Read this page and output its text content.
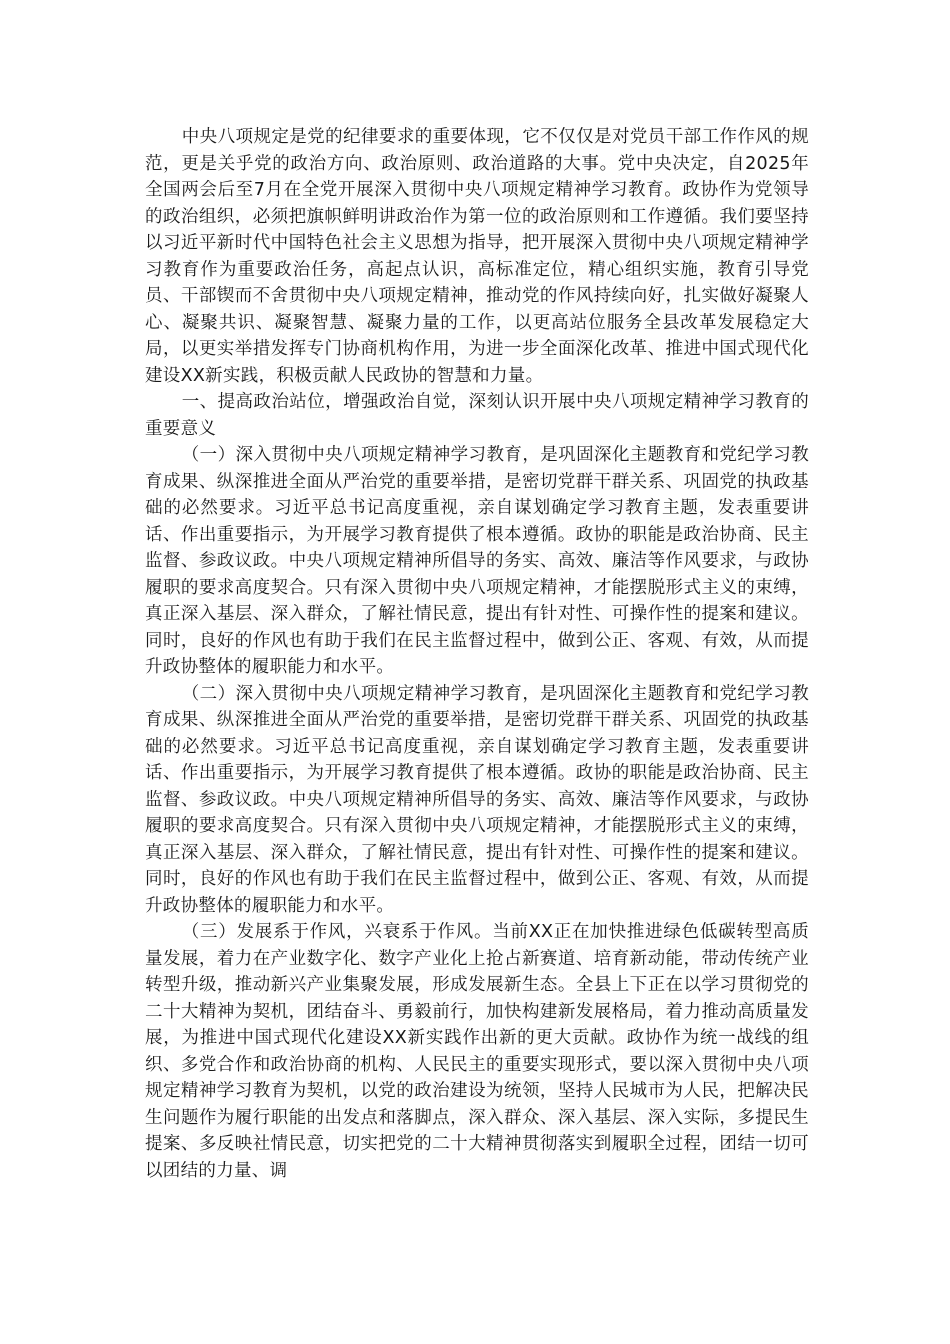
中央八项规定是党的纪律要求的重要体现，它不仅仅是对党员干部工作作风的规范，更是关乎党的政治方向、政治原则、政治道路的大事。党中央决定，自2025年全国两会后至7月在全党开展深入贯彻中央八项规定精神学习教育。政协作为党领导的政治组织，必须把旗帜鲜明讲政治作为第一位的政治原则和工作遵循。我们要坚持以习近平新时代中国特色社会主义思想为指导，把开展深入贯彻中央八项规定精神学习教育作为重要政治任务，高起点认识，高标准定位，精心组织实施，教育引导党员、干部锲而不舍贯彻中央八项规定精神，推动党的作风持续向好，扎实做好凝聚人心、凝聚共识、凝聚智慧、凝聚力量的工作，以更高站位服务全县改革发展稳定大局，以更实举措发挥专门协商机构作用，为进一步全面深化改革、推进中国式现代化建设XX新实践，积极贡献人民政协的智慧和力量。

一、提高政治站位，增强政治自觉，深刻认识开展中央八项规定精神学习教育的重要意义

（一）深入贯彻中央八项规定精神学习教育，是巩固深化主题教育和党纪学习教育成果、纵深推进全面从严治党的重要举措，是密切党群干群关系、巩固党的执政基础的必然要求。习近平总书记高度重视，亲自谋划确定学习教育主题，发表重要讲话、作出重要指示，为开展学习教育提供了根本遵循。政协的职能是政治协商、民主监督、参政议政。中央八项规定精神所倡导的务实、高效、廉洁等作风要求，与政协履职的要求高度契合。只有深入贯彻中央八项规定精神，才能摆脱形式主义的束缚，真正深入基层、深入群众，了解社情民意，提出有针对性、可操作性的提案和建议。同时，良好的作风也有助于我们在民主监督过程中，做到公正、客观、有效，从而提升政协整体的履职能力和水平。

（二）深入贯彻中央八项规定精神学习教育，是巩固深化主题教育和党纪学习教育成果、纵深推进全面从严治党的重要举措，是密切党群干群关系、巩固党的执政基础的必然要求。习近平总书记高度重视，亲自谋划确定学习教育主题，发表重要讲话、作出重要指示，为开展学习教育提供了根本遵循。政协的职能是政治协商、民主监督、参政议政。中央八项规定精神所倡导的务实、高效、廉洁等作风要求，与政协履职的要求高度契合。只有深入贯彻中央八项规定精神，才能摆脱形式主义的束缚，真正深入基层、深入群众，了解社情民意，提出有针对性、可操作性的提案和建议。同时，良好的作风也有助于我们在民主监督过程中，做到公正、客观、有效，从而提升政协整体的履职能力和水平。

（三）发展系于作风，兴衰系于作风。当前XX正在加快推进绿色低碳转型高质量发展，着力在产业数字化、数字产业化上抢占新赛道、培育新动能，带动传统产业转型升级，推动新兴产业集聚发展，形成发展新生态。全县上下正在以学习贯彻党的二十大精神为契机，团结奋斗、勇毅前行，加快构建新发展格局，着力推动高质量发展，为推进中国式现代化建设XX新实践作出新的更大贡献。政协作为统一战线的组织、多党合作和政治协商的机构、人民民主的重要实现形式，要以深入贯彻中央八项规定精神学习教育为契机，以党的政治建设为统领，坚持人民城市为人民，把解决民生问题作为履行职能的出发点和落脚点，深入群众、深入基层、深入实际，多提民生提案、多反映社情民意，切实把党的二十大精神贯彻落实到履职全过程，团结一切可以团结的力量、调
